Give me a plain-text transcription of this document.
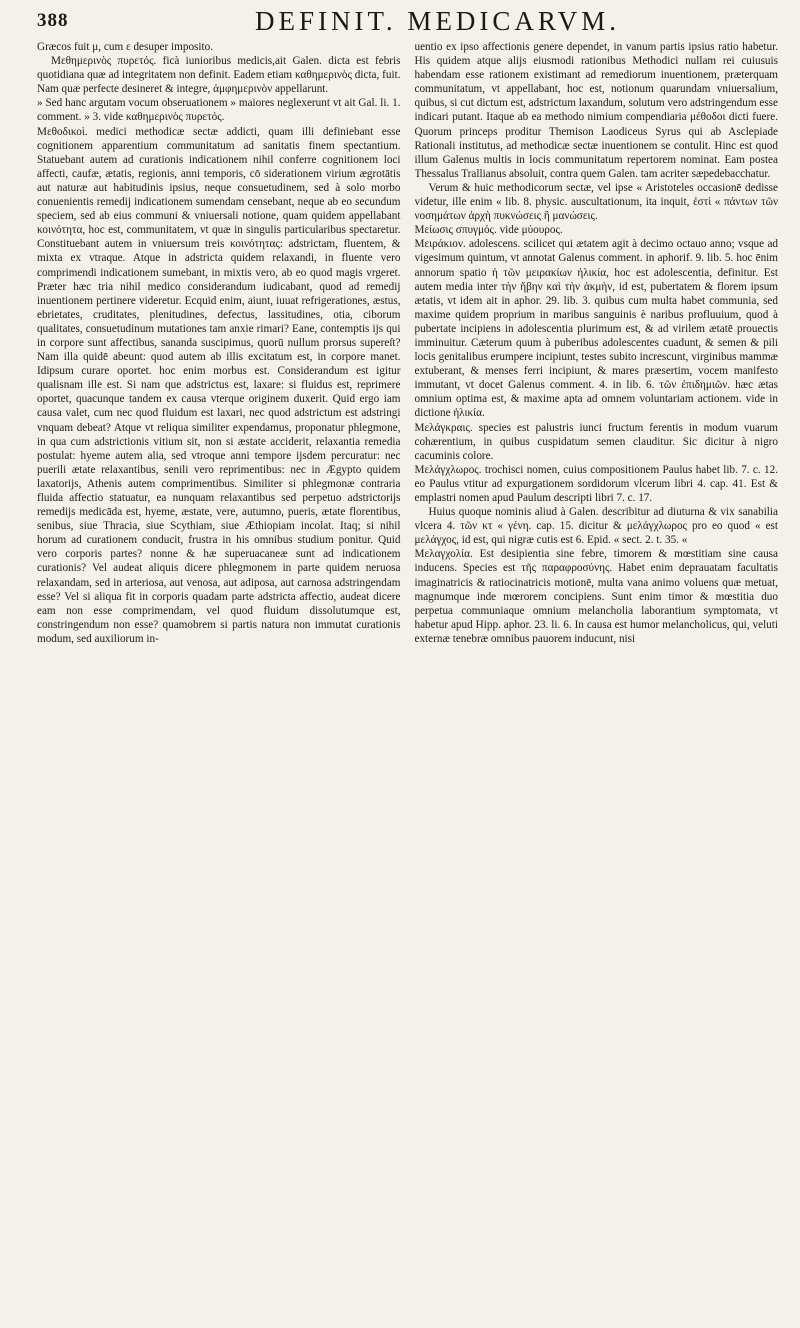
388	DEFINIT. MEDICARVM.

Græcos fuit μ, cum ε desuper imposito.

Μεθημερινὸς πυρετός. ficà iunioribus medicis,ait Galen. dicta est febris quotidiana quæ ad integritatem non definit. Eadem etiam καθημερινὸς dicta, fuit. Nam quæ perfecte desineret & integre, ἀμφημερινὸν appellarunt.

» Sed hanc argutam vocum obseruationem » maiores neglexerunt vt ait Gal. li. 1. comment. » 3. vide καθημερινὸς πυρετός.

Μεθοδικοὶ. medici methodicæ sectæ addicti, quam illi definiebant esse cognitionem apparentium communitatum ad sanitatis finem spectantium. Statuebant autem ad curationis indicationem nihil conferre cognitionem loci affecti, caufæ, ætatis, regionis, anni temporis, cō siderationem virium ægrotātis aut naturæ aut habitudinis ipsius, neque consuetudinem, sed à solo morbo conuenientis remedij indicationem sumendam censebant, neque ab eo secundum speciem, sed ab eius communi & vniuersali notione, quam quidem appellabant κοινότητα, hoc est, communitatem, vt quæ in singulis particularibus spectaretur. Constituebant autem in vniuersum treis κοινότητας: adstrictam, fluentem, & mixta ex vtraque. Atque in adstricta quidem relaxandi, in fluente vero comprimendi indicationem sumebant, in mixtis vero, ab eo quod magis vrgeret. Præter hæc tria nihil medico considerandum iudicabant, quod ad remedij inuentionem pertinere videretur. Ecquid enim, aiunt, iuuat refrigerationes, æstus, ebrietates, cruditates, plenitudines, defectus, lassitudines, otia, ciborum qualitates, consuetudinum mutationes tam anxie rimari? Eane, contemptis ijs qui in corpore sunt affectibus, sananda suscipimus, quorū nullum prorsus supereſt? Nam illa quidē abeunt: quod autem ab illis excitatum est, in corpore manet. Idipsum curare oportet. hoc enim morbus est. Considerandum est igitur qualisnam ille est. Si nam que adstrictus est, laxare: si fluidus est, reprimere oportet, quacunque tandem ex causa vterque originem duxerit. Quid ergo iam causa valet, cum nec quod fluidum est laxari, nec quod adstrictum est adstringi vnquam debeat? Atque vt reliqua similiter expendamus, proponatur phlegmone, in qua cum adstrictionis vitium sit, non si æstate acciderit, relaxantia remedia postulat: hyeme autem alia, sed vtroque anni tempore ijsdem percuratur: nec puerili ætate relaxantibus, senili vero reprimentibus: nec in Ægypto quidem laxatorijs, Athenis autem comprimentibus. Similiter si phlegmonæ contraria fluida affectio statuatur, ea nunquam relaxantibus sed perpetuo adstrictorijs remedijs medicāda est, hyeme, æstate, vere, autumno, pueris, ætate florentibus, senibus, siue Thracia, siue Scythiam, siue Æthiopiam incolat. Itaq; si nihil horum ad curationem conducit, frustra in his omnibus studium ponitur. Quid vero corporis partes? nonne & hæ superuacaneæ sunt ad indicationem curationis? Vel audeat aliquis dicere phlegmonem in parte quidem neruosa relaxandam, sed in arteriosa, aut venosa, aut adiposa, aut carnosa adstringendam esse? Vel si aliqua fit in corporis quadam parte adstricta affectio, audeat dicere eam non esse comprimendam, vel quod fluidum dissolutumque est, constringendum non esse? quamobrem si partis natura non immutat curationis modum, sed auxiliorum in-

uentio ex ipso affectionis genere dependet, in vanum partis ipsius ratio habetur. His quidem atque alijs eiusmodi rationibus Methodici nullam rei cuiusuis habendam esse rationem existimant ad remediorum inuentionem, præterquam communitatum, vt appellabant, hoc est, notionum quarundam vniuersalium, quibus, si cut dictum est, adstrictum laxandum, solutum vero adstringendum esse indicari putant. Itaque ab ea methodo nimium compendiaria μέθοδοι dicti fuere. Quorum princeps proditur Themison Laodiceus Syrus qui ab Asclepiade Rationali institutus, ad methodicæ sectæ inuentionem se contulit. Hinc est quod illum Galenus multis in locis communitatum repertorem nominat. Eam postea Thessalus Trallianus absoluit, contra quem Galen. tam acriter sæpedebacchatur.

Verum & huic methodicorum sectæ, vel ipse « Aristoteles occasionē dedisse videtur, ille enim « lib. 8. physic. auscultationum, ita inquit, ἐστὶ « πάντων τῶν νοσημάτων ἀρχὴ πυκνώσεις ἢ μανώσεις.

Μείωσις σπυγμός. vide μύουρος.

Μειράκιον. adolescens. scilicet qui ætatem agit à decimo octauo anno; vsque ad vigesimum quintum, vt annotat Galenus comment. in aphorif. 9. lib. 5. hoc ēnim annorum spatio ἡ τῶν μειρακίων ἡλικία, hoc est adolescentia, definitur. Est autem media inter τὴν ἥβην καὶ τὴν ἀκμὴν, id est, pubertatem & florem ipsum ætatis, vt idem ait in aphor. 29. lib. 3. quibus cum multa habet communia, sed maxime quidem proprium in maribus sanguinis è naribus profluuium, quod à pubertate incipiens in adolescentia plurimum est, & ad virilem ætatē prouectis imminuitur. Cæterum quum à puberibus adolescentes cuadunt, & semen & pili locis genitalibus erumpere incipiunt, testes subito increscunt, virginibus mammæ extuberant, & menses ferri incipiunt, & mares præsertim, vocem manifesto immutant, vt docet Galenus comment. 4. in lib. 6. τῶν ἐπιδημιῶν. hæc ætas omnium optima est, & maxime apta ad omnem voluntariam actionem. vide in dictione ἡλικία.

Μελάγκραις. species est palustris iunci fructum ferentis in modum vuarum cohærentium, in quibus cuspidatum semen clauditur. Sic dicitur à nigro cacuminis colore.

Μελάγχλωρος. trochisci nomen, cuius compositionem Paulus habet lib. 7. c. 12. eo Paulus vtitur ad expurgationem sordidorum vlcerum libri 4. cap. 41. Est & emplastri nomen apud Paulum descripti libri 7. c. 17.

Huius quoque nominis aliud à Galen. describitur ad diuturna & vix sanabilia vlcera 4. τῶν κτ « γένη. cap. 15. dicitur & μελάγχλωρος pro eo quod « est μελάγχος, id est, qui nigræ cutis est 6. Epid. « sect. 2. t. 35. «

Μελαγχολία. Est desipientia sine febre, timorem & mœstitiam sine causa inducens. Species est τῆς παραφροσύνης. Habet enim deprauatam facultatis imaginatricis & ratiocinatricis motionē, multa vana animo voluens quæ metuat, magnumque inde mœrorem concipiens. Sunt enim timor & mœstitia duo perpetua communiaque omnium melancholia laborantium symptomata, vt habetur apud Hipp. aphor. 23. li. 6. In causa est humor melancholicus, qui, veluti externæ tenebræ omnibus pauorem inducunt, nisi
